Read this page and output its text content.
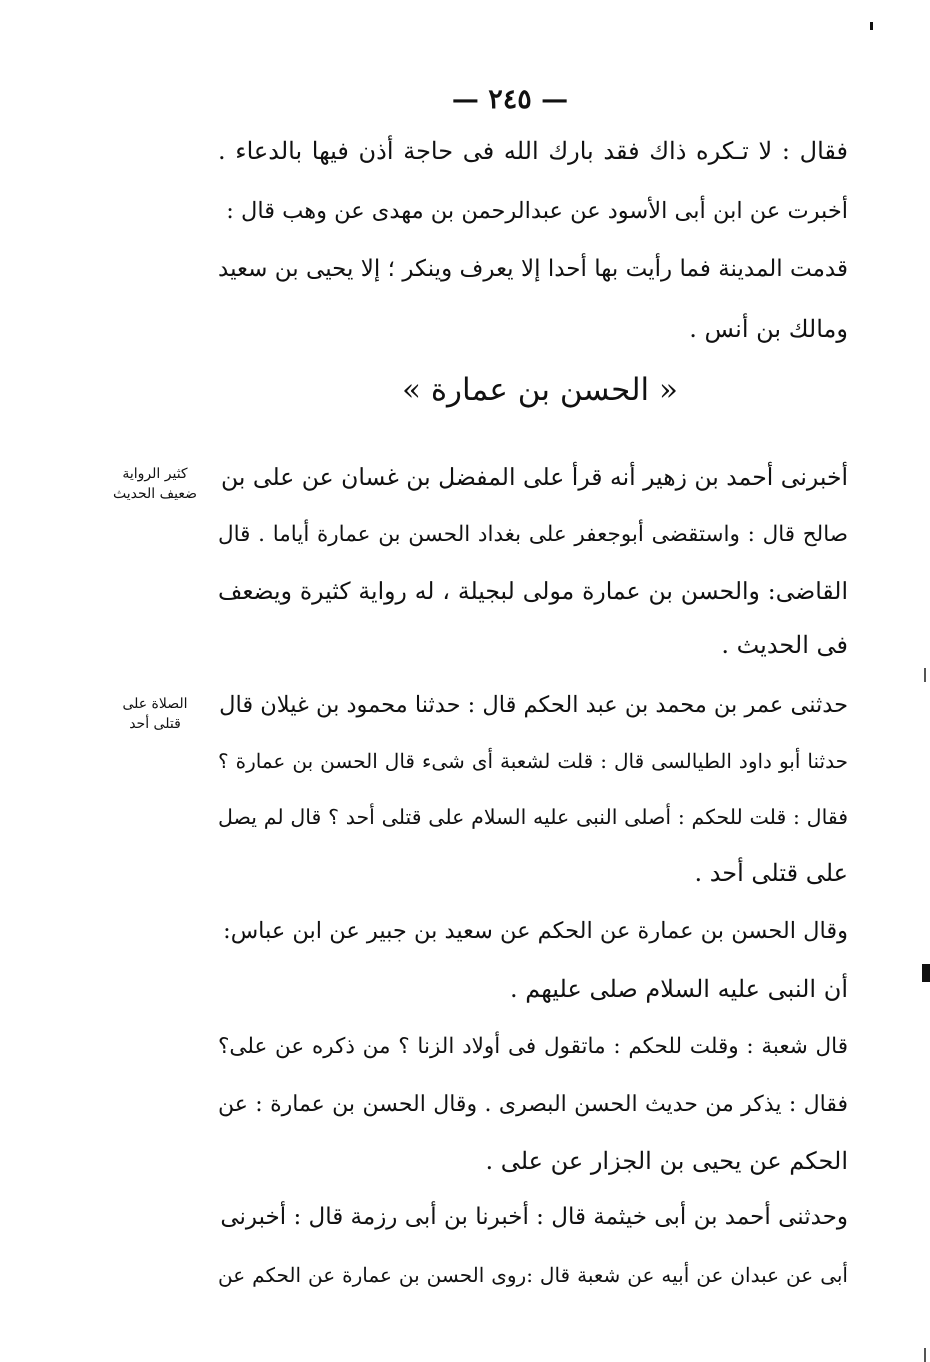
— ٢٤٥ —
فقال : لا تـكره ذاك فقد بارك الله فى حاجة أذن فيها بالدعاء .
أخبرت عن ابن أبى الأسود عن عبدالرحمن بن مهدى عن وهب قال :
قدمت المدينة فما رأيت بها أحدا إلا يعرف وينكر ؛ إلا يحيى بن سعيد
ومالك بن أنس .
أخبرنى أحمد بن زهير أنه قرأ على المفضل بن غسان عن على بن
صالح قال : واستقضى أبوجعفر على بغداد الحسن بن عمارة أياما . قال
القاضى: والحسن بن عمارة مولى لبجيلة ، له رواية كثيرة ويضعف
فى الحديث .
حدثنى عمر بن محمد بن عبد الحكم قال : حدثنا محمود بن غيلان قال
حدثنا أبو داود الطيالسى قال : قلت لشعبة أى شىء قال الحسن بن عمارة ؟
فقال : قلت للحكم : أصلى النبى عليه السلام على قتلى أحد ؟ قال لم يصل
على قتلى أحد .
وقال الحسن بن عمارة عن الحكم عن سعيد بن جبير عن ابن عباس:
أن النبى عليه السلام صلى عليهم .
قال شعبة : وقلت للحكم : ماتقول فى أولاد الزنا ؟ من ذكره عن على؟
فقال : يذكر من حديث الحسن البصرى . وقال الحسن بن عمارة : عن
الحكم عن يحيى بن الجزار عن على .
وحدثنى أحمد بن أبى خيثمة قال : أخبرنا بن أبى رزمة قال : أخبرنى
أبى عن عبدان عن أبيه عن شعبة قال :روى الحسن بن عمارة عن الحكم عن
« الحسن بن عمارة »
كثير الرواية
ضعيف الحديث
الصلاة على
قتلى أحد
